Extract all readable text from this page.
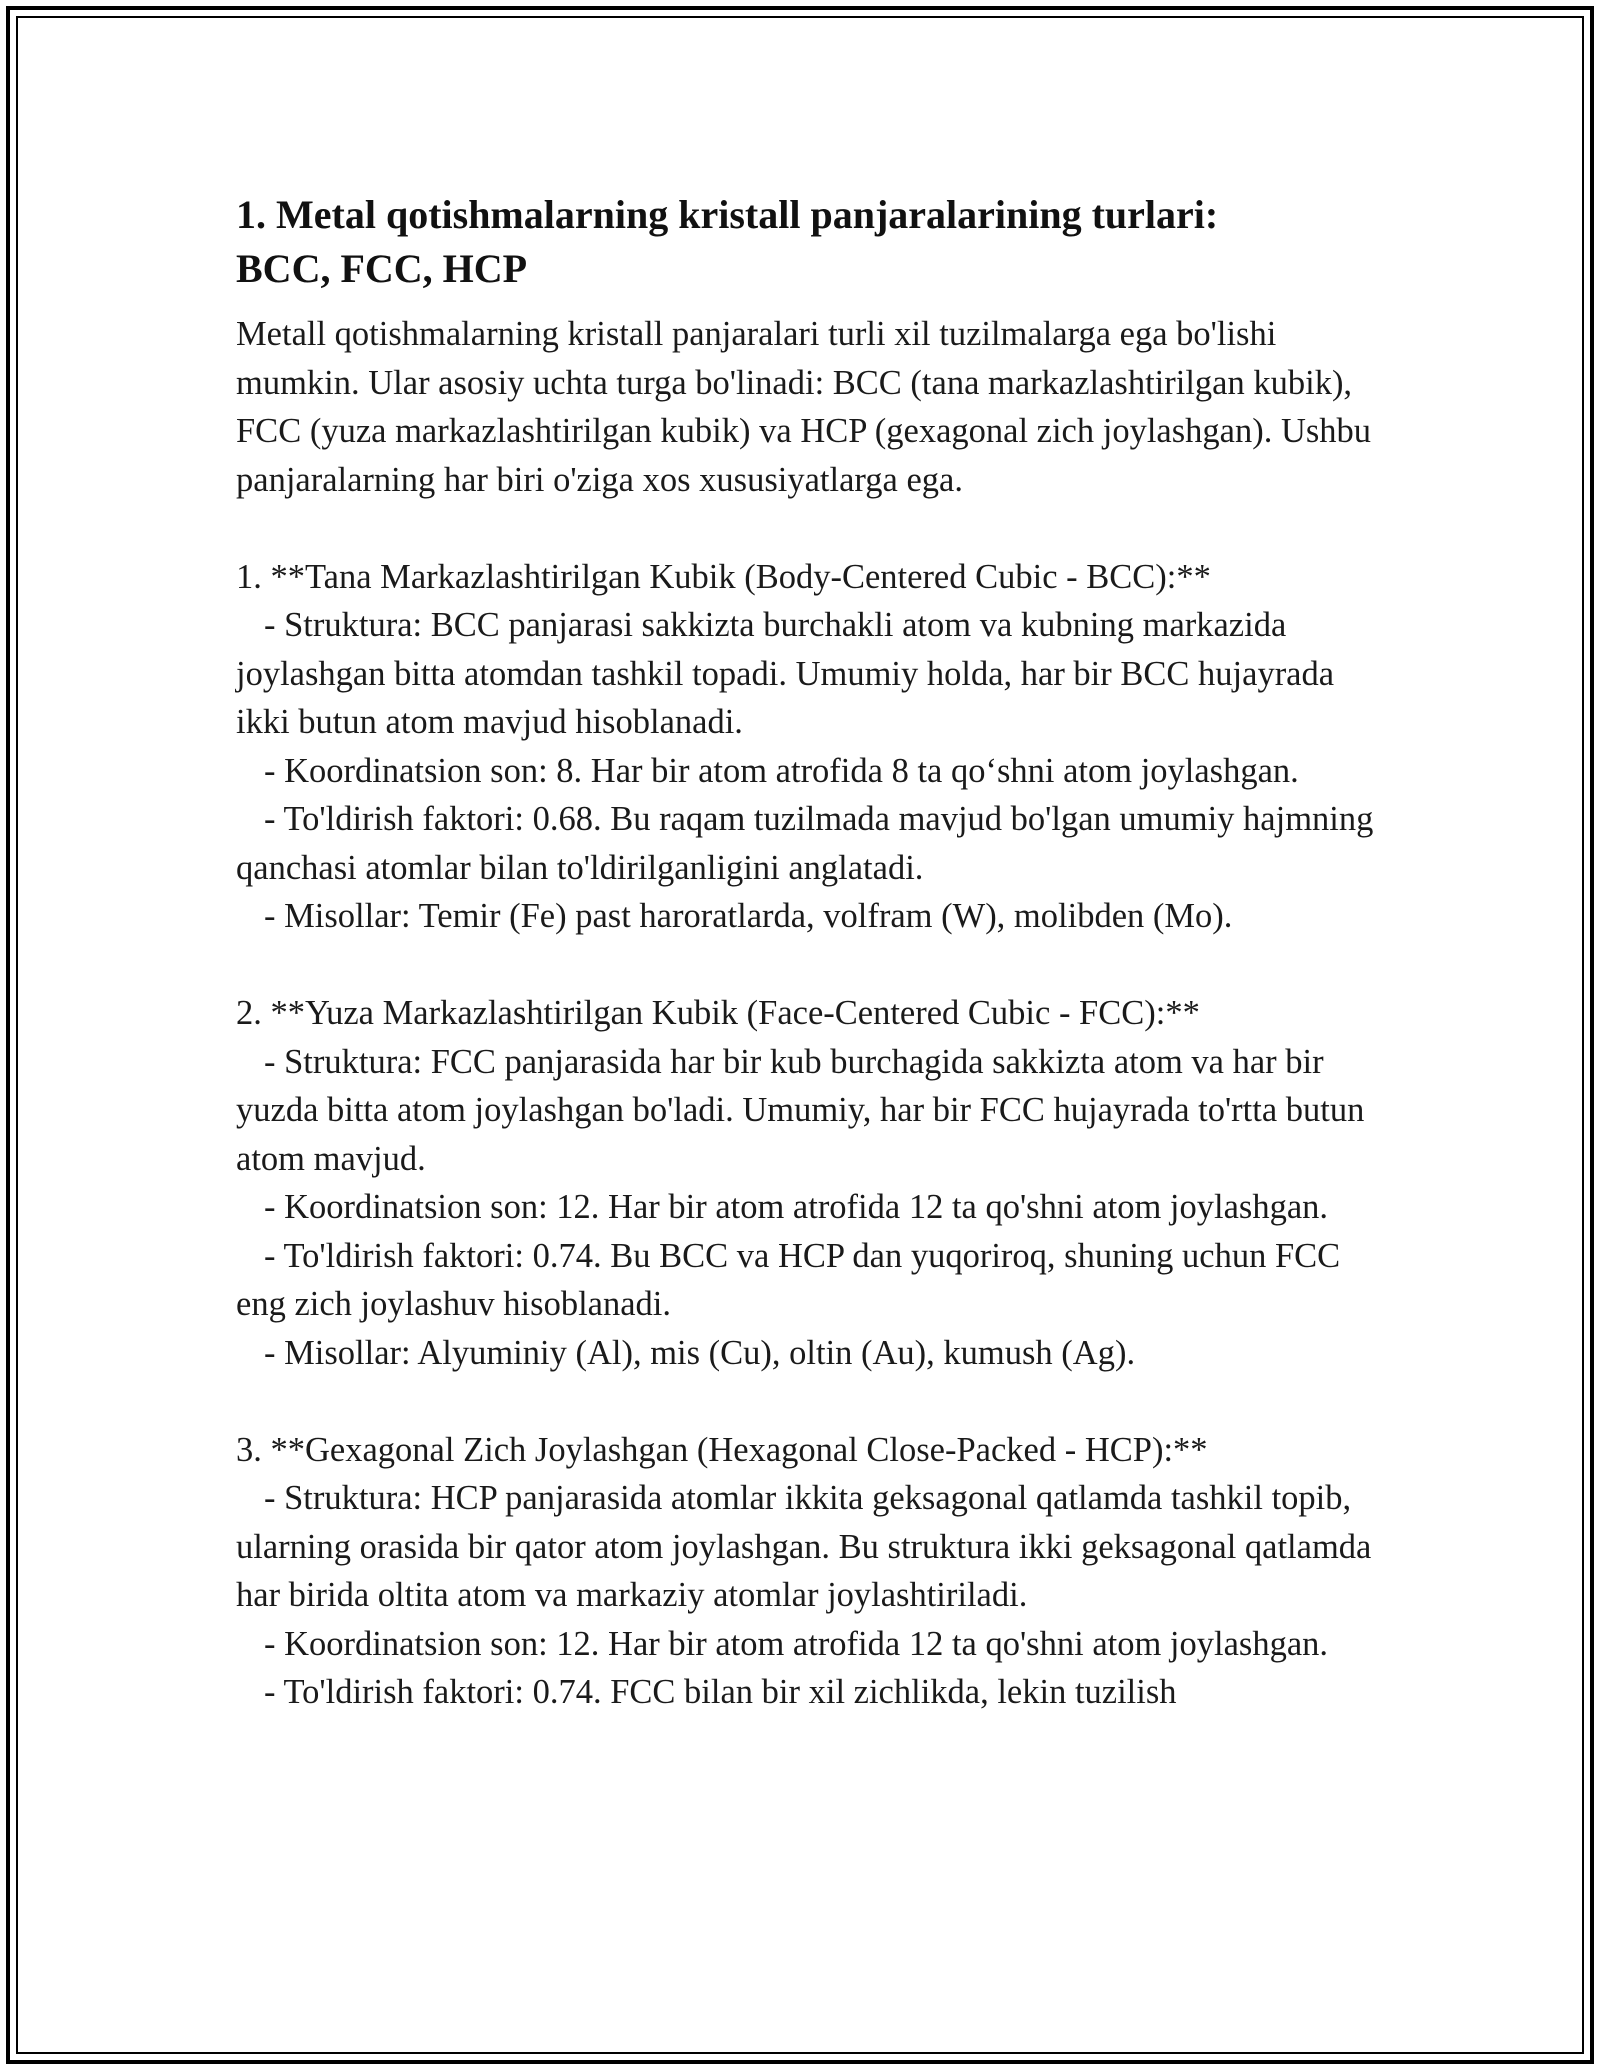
1. Metal qotishmalarning kristall panjaralarining turlari:
BCC, FCC, HCP

Metall qotishmalarning kristall panjaralari turli xil tuzilmalarga ega bo'lishi mumkin. Ular asosiy uchta turga bo'linadi: BCC (tana markazlashtirilgan kubik), FCC (yuza markazlashtirilgan kubik) va HCP (gexagonal zich joylashgan). Ushbu panjaralarning har biri o'ziga xos xususiyatlarga ega.

1. **Tana Markazlashtirilgan Kubik (Body-Centered Cubic - BCC):**

- Struktura: BCC panjarasi sakkizta burchakli atom va kubning markazida joylashgan bitta atomdan tashkil topadi. Umumiy holda, har bir BCC hujayrada ikki butun atom mavjud hisoblanadi.

- Koordinatsion son: 8. Har bir atom atrofida 8 ta qo‘shni atom joylashgan.

- To'ldirish faktori: 0.68. Bu raqam tuzilmada mavjud bo'lgan umumiy hajmning qanchasi atomlar bilan to'ldirilganligini anglatadi.

- Misollar: Temir (Fe) past haroratlarda, volfram (W), molibden (Mo).

2. **Yuza Markazlashtirilgan Kubik (Face-Centered Cubic - FCC):**

- Struktura: FCC panjarasida har bir kub burchagida sakkizta atom va har bir yuzda bitta atom joylashgan bo'ladi. Umumiy, har bir FCC hujayrada to'rtta butun atom mavjud.

- Koordinatsion son: 12. Har bir atom atrofida 12 ta qo'shni atom joylashgan.

- To'ldirish faktori: 0.74. Bu BCC va HCP dan yuqoriroq, shuning uchun FCC eng zich joylashuv hisoblanadi.

- Misollar: Alyuminiy (Al), mis (Cu), oltin (Au), kumush (Ag).

3. **Gexagonal Zich Joylashgan (Hexagonal Close-Packed - HCP):**

- Struktura: HCP panjarasida atomlar ikkita geksagonal qatlamda tashkil topib, ularning orasida bir qator atom joylashgan. Bu struktura ikki geksagonal qatlamda har birida oltita atom va markaziy atomlar joylashtiriladi.

- Koordinatsion son: 12. Har bir atom atrofida 12 ta qo'shni atom joylashgan.

- To'ldirish faktori: 0.74. FCC bilan bir xil zichlikda, lekin tuzilish
